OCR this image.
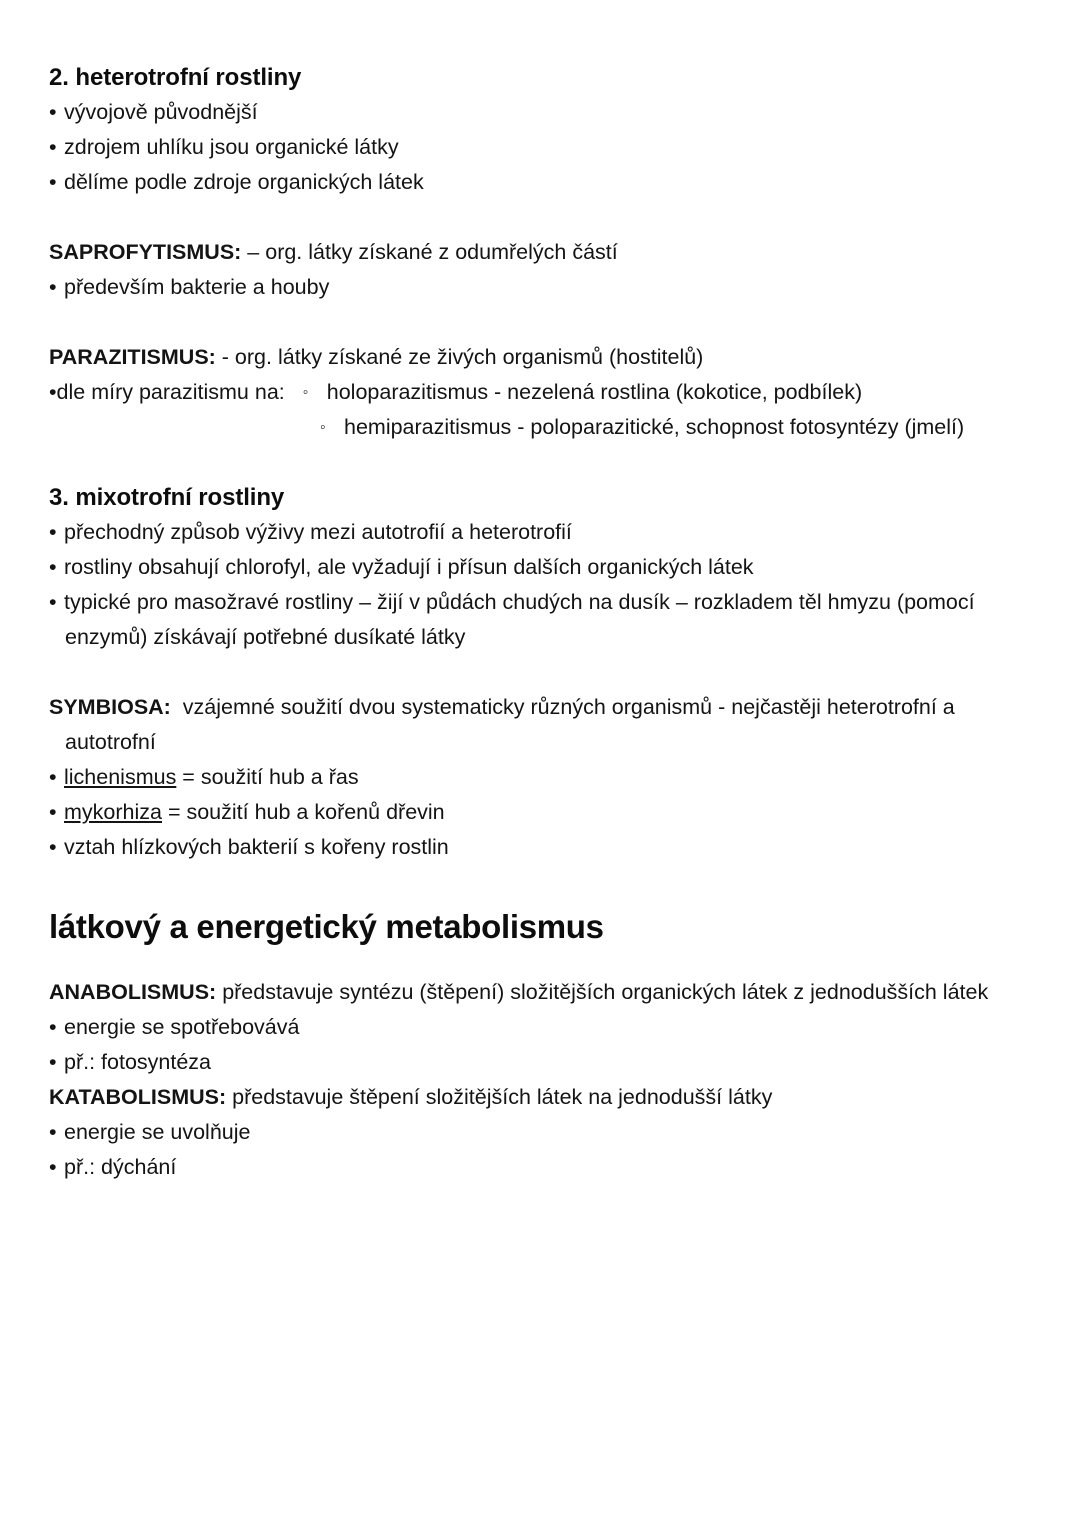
2. heterotrofní rostliny
• vývojově původnější
• zdrojem uhlíku jsou organické látky
• dělíme podle zdroje organických látek

SAPROFYTISMUS: – org. látky získané z odumřelých částí

• především bakterie a houby

PARAZITISMUS: - org. látky získané ze živých organismů (hostitelů)

• dle míry parazitismu na: ◦ holoparazitismus - nezelená rostlina (kokotice, podbílek)
◦ hemiparazitismus - poloparazitické, schopnost fotosyntézy (jmelí)
3. mixotrofní rostliny
• přechodný způsob výživy mezi autotrofií a heterotrofií
• rostliny obsahují chlorofyl, ale vyžadují i přísun dalších organických látek
• typické pro masožravé rostliny – žijí v půdách chudých na dusík – rozkladem těl hmyzu (pomocí

enzymů) získávají potřebné dusíkaté látky

SYMBIOSA:  vzájemné soužití dvou systematicky různých organismů - nejčastěji heterotrofní a

autotrofní

• lichenismus = soužití hub a řas
• mykorhiza = soužití hub a kořenů dřevin
• vztah hlízkových bakterií s kořeny rostlin
látkový a energetický metabolismus

ANABOLISMUS: představuje syntézu (štěpení) složitějších organických látek z jednodušších látek

• energie se spotřebovává
• př.: fotosyntéza

KATABOLISMUS: představuje štěpení složitějších látek na jednodušší látky

• energie se uvolňuje
• př.: dýchání
